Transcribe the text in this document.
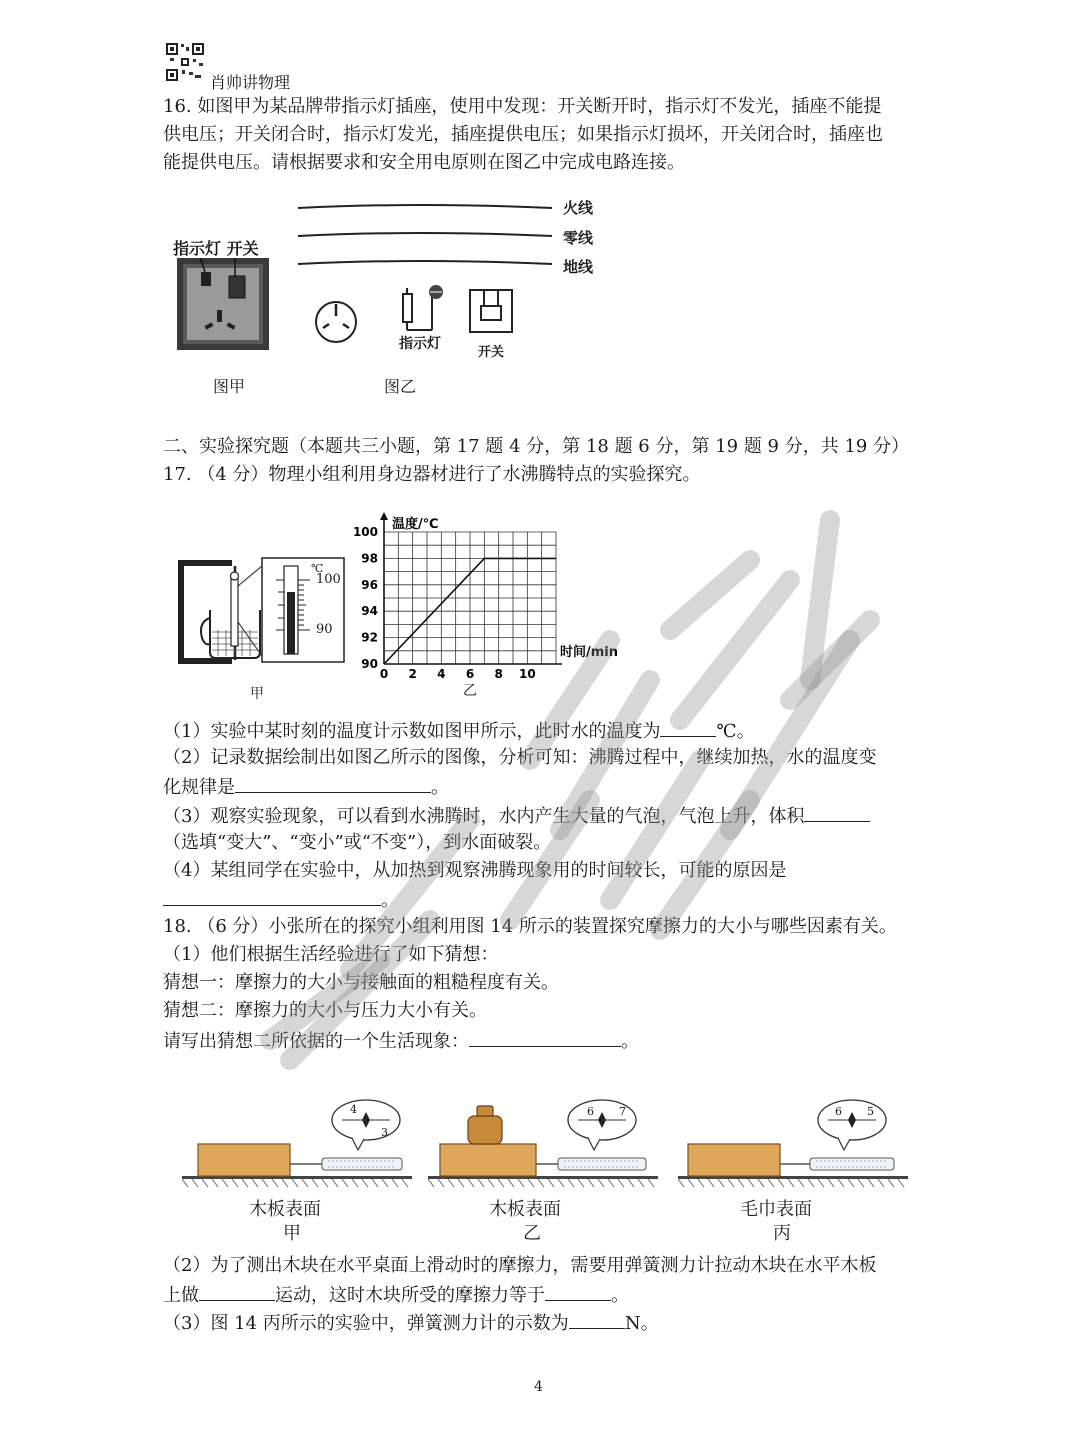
肖帅讲物理
16. 如图甲为某品牌带指示灯插座，使用中发现：开关断开时，指示灯不发光，插座不能提
供电压；开关闭合时，指示灯发光，插座提供电压；如果指示灯损坏，开关闭合时，插座也
能提供电压。请根据要求和安全用电原则在图乙中完成电路连接。
指示灯 开关
图甲
火线
零线
地线
指示灯
开关
图乙
二、实验探究题（本题共三小题，第 17 题 4 分，第 18 题 6 分，第 19 题 9 分，共 19 分）
17. （4 分）物理小组利用身边器材进行了水沸腾特点的实验探究。
℃
100
90
甲
90
92
94
96
98
100
0 2 4 6 8 10
温度/℃
时间/min
乙
（1）实验中某时刻的温度计示数如图甲所示，此时水的温度为	℃。
（2）记录数据绘制出如图乙所示的图像，分析可知：沸腾过程中，继续加热，水的温度变
化规律是	。
（3）观察实验现象，可以看到水沸腾时，水内产生大量的气泡，气泡上升，体积
（选填“变大”、“变小”或“不变”），到水面破裂。
（4）某组同学在实验中，从加热到观察沸腾现象用的时间较长，可能的原因是
。
18. （6 分）小张所在的探究小组利用图 14 所示的装置探究摩擦力的大小与哪些因素有关。
（1）他们根据生活经验进行了如下猜想：
猜想一：摩擦力的大小与接触面的粗糙程度有关。
猜想二：摩擦力的大小与压力大小有关。
请写出猜想二所依据的一个生活现象：	。
4
3
6 7	6 5
木板表面
甲
木板表面
乙
毛巾表面
丙
（2）为了测出木块在水平桌面上滑动时的摩擦力，需要用弹簧测力计拉动木块在水平木板
上做	运动，这时木块所受的摩擦力等于	。
（3）图 14 丙所示的实验中，弹簧测力计的示数为	N。
4
